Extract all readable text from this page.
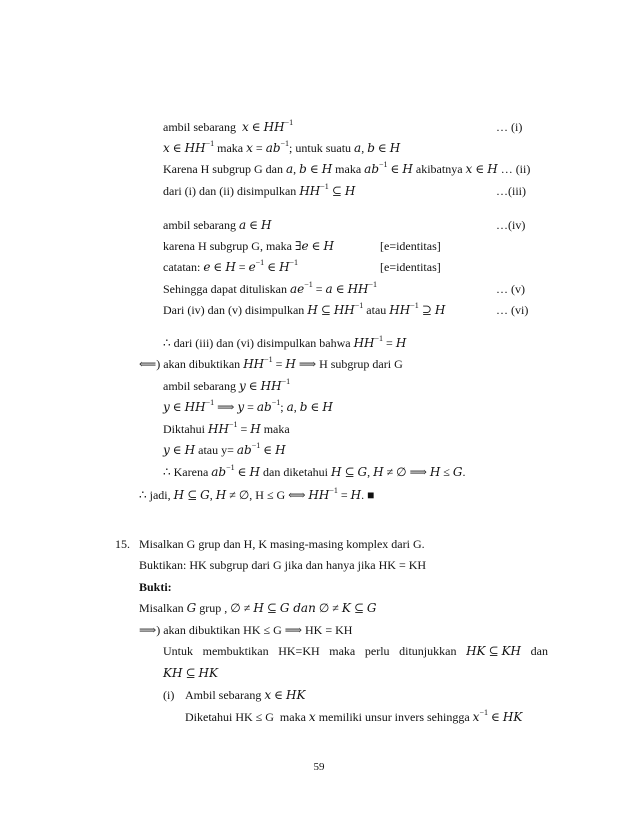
ambil sebarang x ∈ $HH^{-1}$	… (i)
x ∈ $HH^{-1}$ maka $x = ab^{-1}$; untuk suatu a, b ∈ H
Karena H subgrup G dan a, b ∈ H maka $ab^{-1}$ ∈ H akibatnya x ∈ H … (ii)
dari (i) dan (ii) disimpulkan $HH^{-1}$ ⊆ H	…(iii)
ambil sebarang a ∈ H	…(iv)
karena H subgrup G, maka ∃e ∈ H	[e=identitas]
catatan: e ∈ $H = e^{-1}$ ∈ $H^{-1}$	[e=identitas]
Sehingga dapat dituliskan $ae^{-1} = a$ ∈ $HH^{-1}$	… (v)
Dari (iv) dan (v) disimpulkan H ⊆ $HH^{-1}$ atau $HH^{-1}$ ⊇ H	… (vi)
∴ dari (iii) dan (vi) disimpulkan bahwa $HH^{-1} = H$
⟸) akan dibuktikan $HH^{-1} = H$ ⟹ H subgrup dari G
ambil sebarang y ∈ $HH^{-1}$
y ∈ $HH^{-1}$ ⟹ $y = ab^{-1}$; a, b ∈ H
Diktahui $HH^{-1} = H$ maka
y ∈ H atau $y= ab^{-1}$ ∈ H
∴ Karena $ab^{-1}$ ∈ H dan diketahui H ⊆ G, H ≠ ∅ ⟹ H ≤ G.
∴ jadi, H ⊆ G, H ≠ ∅, H ≤ G ⟺ $HH^{-1} = H$. ■
15. Misalkan G grup dan H, K masing-masing komplex dari G.
Buktikan: HK subgrup dari G jika dan hanya jika HK = KH
Bukti:
Misalkan G grup , ∅ ≠ H ⊆ G dan ∅ ≠ K ⊆ G
⟹) akan dibuktikan HK ≤ G ⟹ HK = KH
Untuk membuktikan HK=KH maka perlu ditunjukkan HK ⊆ KH dan
KH ⊆ HK
(i) Ambil sebarang x ∈ HK
Diketahui HK ≤ G maka x memiliki unsur invers sehingga $x^{-1}$ ∈ HK
59
